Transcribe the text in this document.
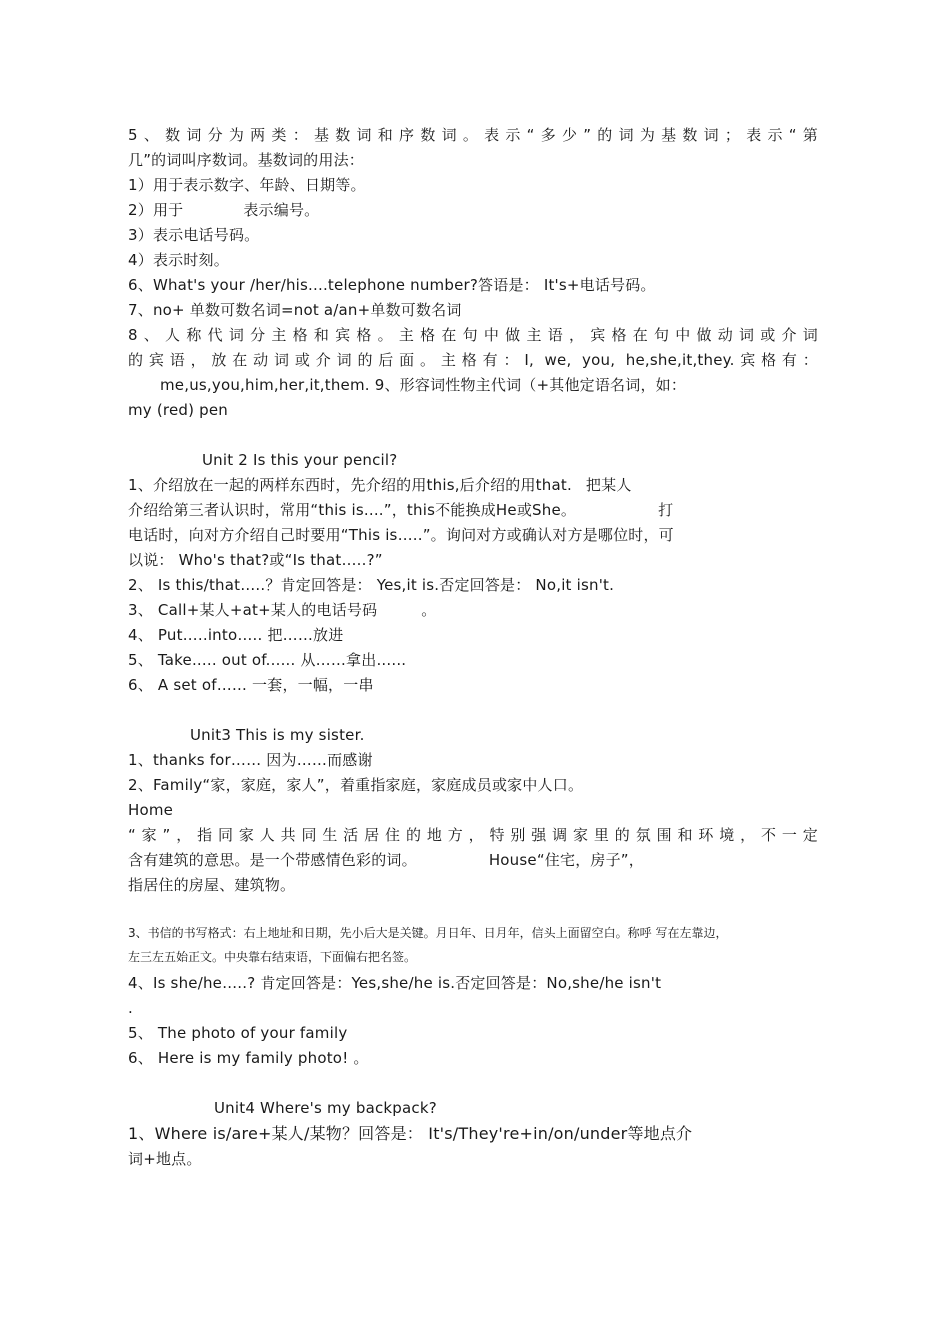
5、数词分为两类：基数词和序数词。表示“多少”的词为基数词；表示“第
几”的词叫序数词。基数词的用法：
1）用于表示数字、年龄、日期等。
2）用于	表示编号。
3）表示电话号码。
4）表示时刻。
6、What's your /her/his....telephone number?答语是： It's+电话号码。
7、no+ 单数可数名词=not a/an+单数可数名词
8、人称代词分主格和宾格。主格在句中做主语，宾格在句中做动词或介词
的宾语，放在动词或介词的后面。主格有：I, we, you, he,she,it,they.宾格有：
me,us,you,him,her,it,them. 9、形容词性物主代词（+其他定语名词，如：
my (red) pen
Unit 2 Is this your pencil?
1、介绍放在一起的两样东西时，先介绍的用this,后介绍的用that. 把某人
介绍给第三者认识时，常用“this is....”，this不能换成He或She。	打
电话时，向对方介绍自己时要用“This is…..”。询问对方或确认对方是哪位时，可
以说： Who's that?或“Is that…..?”
2、 Is this/that…..？肯定回答是： Yes,it is.否定回答是： No,it isn't.
3、 Call+某人+at+某人的电话号码	。
4、 Put…..into….. 把……放进
5、 Take..... out of...... 从……拿出......
6、 A set of…… 一套，一幅，一串
Unit3 This is my sister.
1、thanks for…… 因为……而感谢
2、Family“家，家庭，家人”，着重指家庭，家庭成员或家中人口。
Home
“家”，指同家人共同生活居住的地方，特别强调家里的氛围和环境，不一定
含有建筑的意思。是一个带感情色彩的词。	House“住宅，房子”，
指居住的房屋、建筑物。
3、书信的书写格式：右上地址和日期，先小后大是关键。月日年、日月年，信头上面留空白。称呼 写在左靠边，
左三左五始正文。中央靠右结束语，下面偏右把名签。
4、Is she/he…..? 肯定回答是：Yes,she/he is.否定回答是：No,she/he isn't
.
5、 The photo of your family
6、 Here is my family photo! 。
Unit4 Where's my backpack?
1、Where is/are+某人/某物？回答是： It's/They're+in/on/under等地点介
词+地点。
